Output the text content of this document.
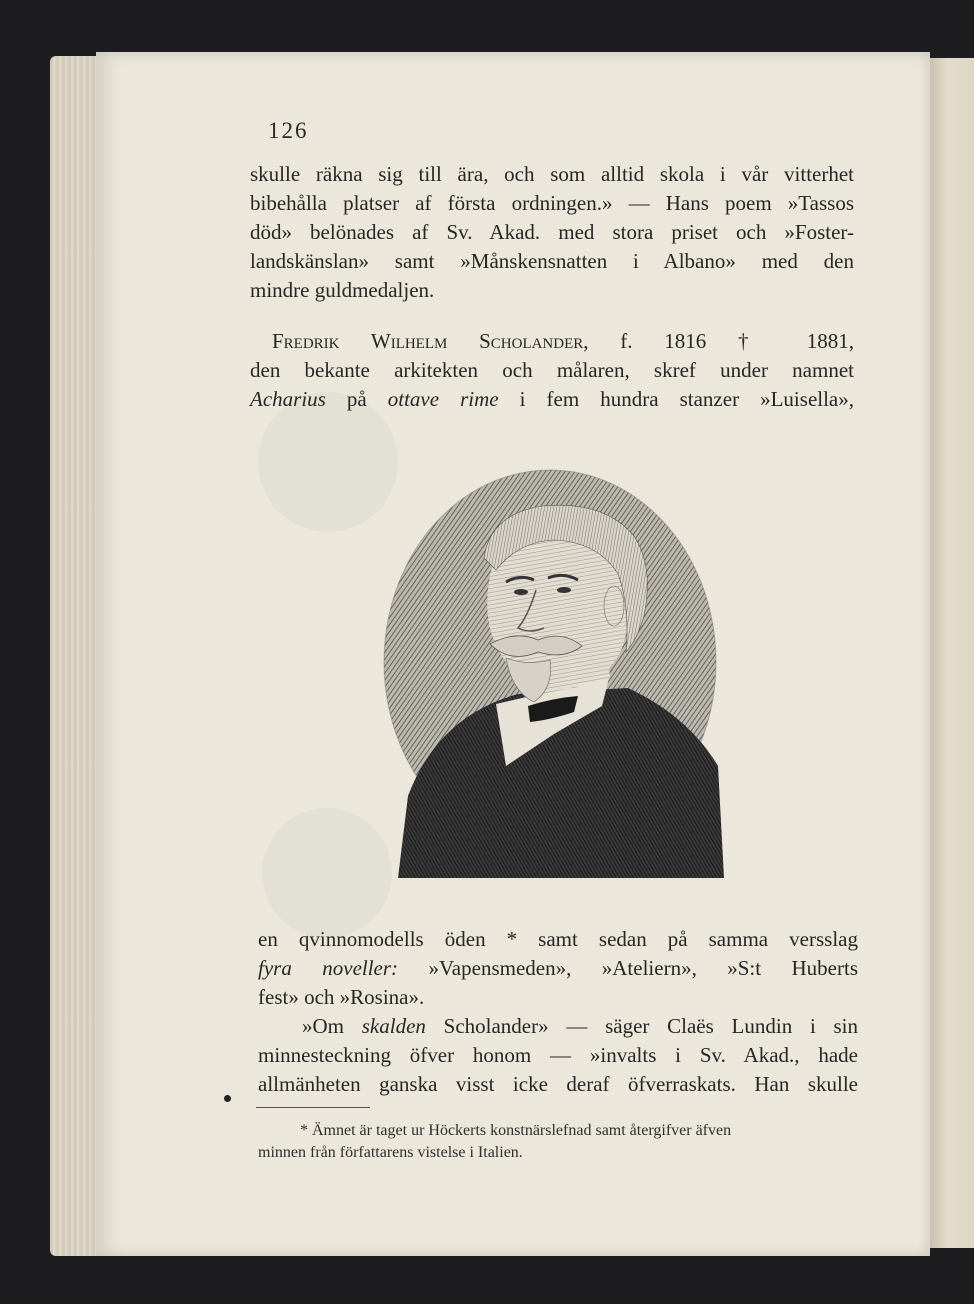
126
skulle räkna sig till ära, och som alltid skola i vår vitterhet
bibehålla platser af första ordningen.» — Hans poem »Tassos
död» belönades af Sv. Akad. med stora priset och »Foster-
landskänslan» samt »Månskensnatten i Albano» med den
mindre guldmedaljen.
Fredrik Wilhelm Scholander, f. 1816 † 1881,
den bekante arkitekten och målaren, skref under namnet
Acharius på ottave rime i fem hundra stanzer »Luisella»,
en qvinnomodells öden * samt sedan på samma versslag
fyra noveller: »Vapensmeden», »Ateliern», »S:t Huberts
fest» och »Rosina».
»Om skalden Scholander» — säger Claës Lundin i sin
minnesteckning öfver honom — »invalts i Sv. Akad., hade
allmänheten ganska visst icke deraf öfverraskats. Han skulle
* Ämnet är taget ur Höckerts konstnärslefnad samt återgifver äfven
minnen från författarens vistelse i Italien.
